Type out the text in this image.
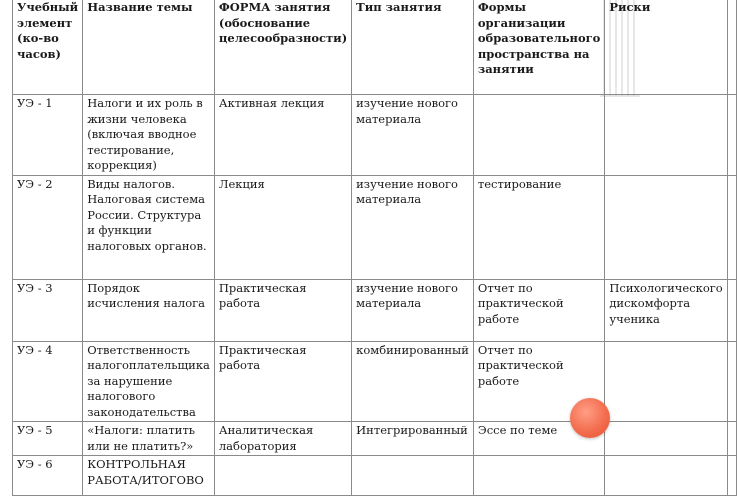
Учебный элемент (ко-во часов)	Название темы	ФОРМА занятия (обоснование целесообразности)	Тип занятия	Формы организации образовательного пространства на занятии	Риски	
УЭ - 1	Налоги и их роль в жизни человека (включая вводное тестирование, коррекция)	Активная лекция	изучение нового материала			
УЭ - 2	Виды налогов. Налоговая система России. Структура и функции налоговых органов.	Лекция	изучение нового материала	тестирование		
УЭ - 3	Порядок исчисления налога	Практическая работа	изучение нового материала	Отчет по практической работе	Психологического дискомфорта ученика	
УЭ - 4	Ответственность налогоплательщика за нарушение налогового законодательства	Практическая работа	комбинированный	Отчет по практической работе		
УЭ - 5	«Налоги: платить или не платить?»	Аналитическая лаборатория	Интегрированный	Эссе по теме		
УЭ - 6	КОНТРОЛЬНАЯ РАБОТА/ИТОГОВО					
